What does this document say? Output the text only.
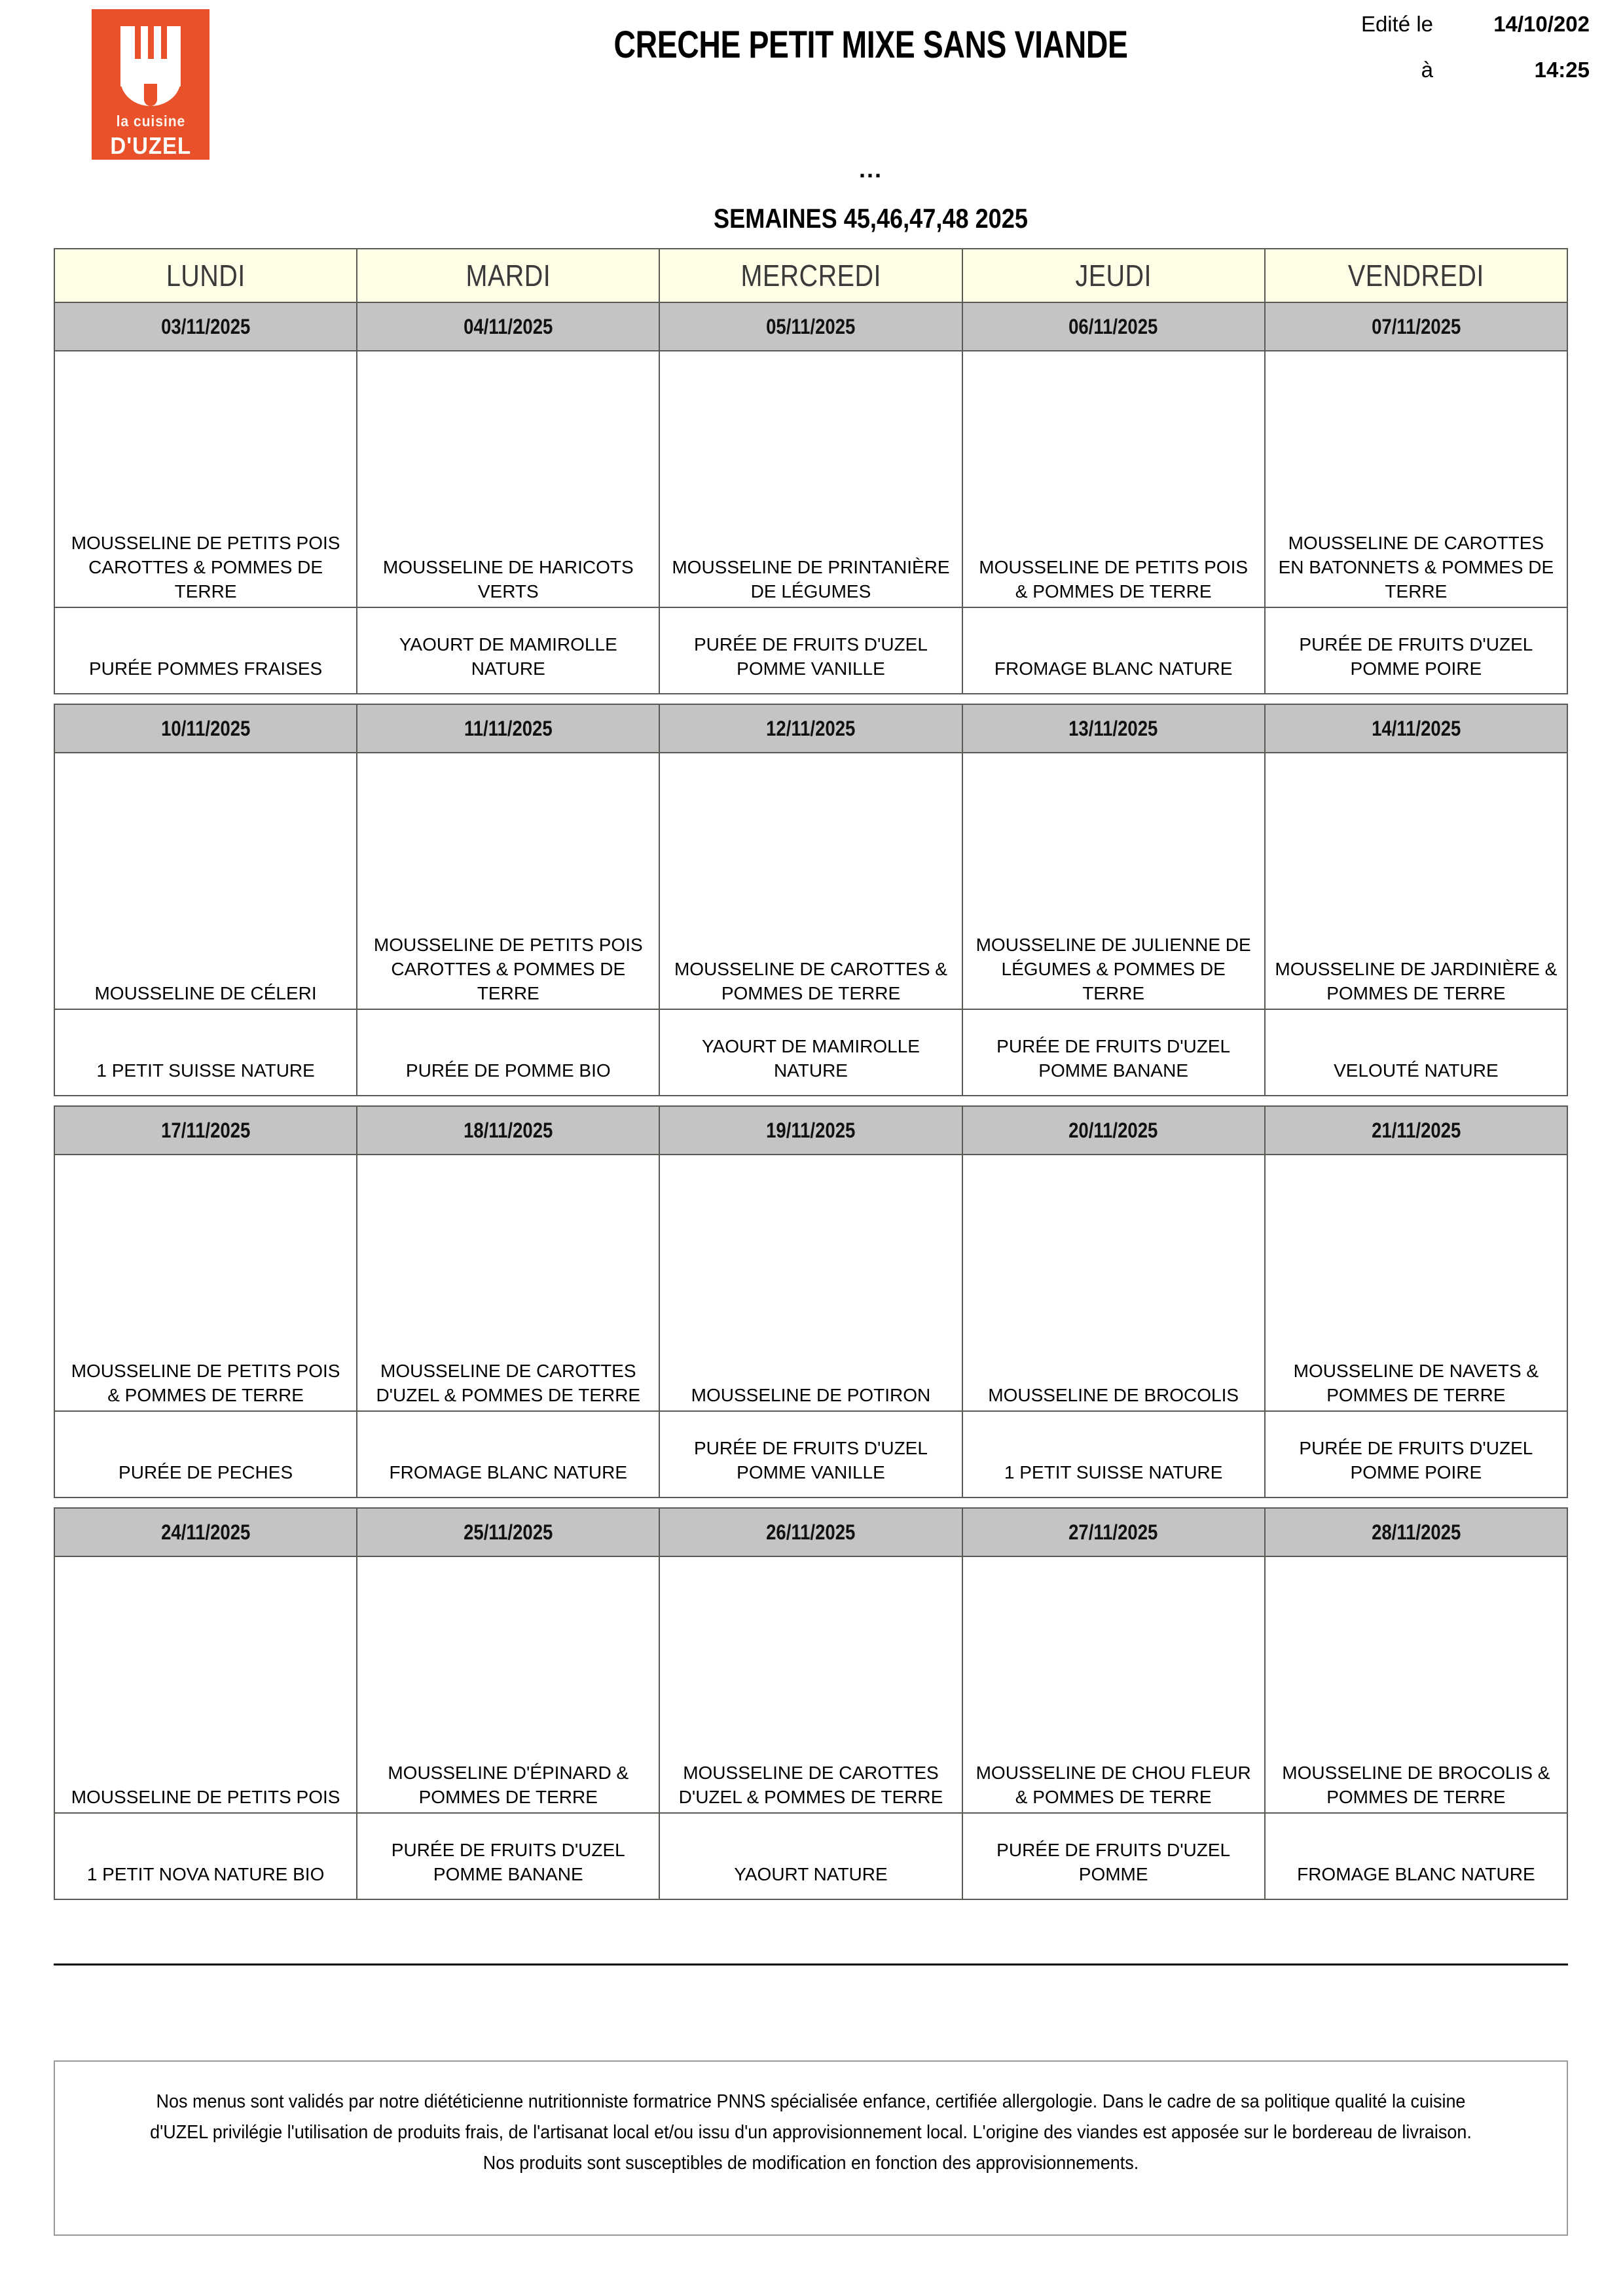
la cuisine
D'UZEL
CRECHE PETIT MIXE SANS VIANDE	Edité le	14/10/202
à	14:25
...
SEMAINES 45,46,47,48 2025
LUNDI	MARDI	MERCREDI	JEUDI	VENDREDI
03/11/2025	04/11/2025	05/11/2025	06/11/2025	07/11/2025

MOUSSELINE DE PETITS POIS CAROTTES & POMMES DE TERRE	MOUSSELINE DE HARICOTS VERTS	MOUSSELINE DE PRINTANIÈRE DE LÉGUMES	MOUSSELINE DE PETITS POIS & POMMES DE TERRE	MOUSSELINE DE CAROTTES EN BATONNETS & POMMES DE TERRE

PURÉE POMMES FRAISES	YAOURT DE MAMIROLLE NATURE	PURÉE DE FRUITS D'UZEL POMME VANILLE	FROMAGE BLANC NATURE	PURÉE DE FRUITS D'UZEL POMME POIRE

10/11/2025	11/11/2025	12/11/2025	13/11/2025	14/11/2025

MOUSSELINE DE CÉLERI	MOUSSELINE DE PETITS POIS CAROTTES & POMMES DE TERRE	MOUSSELINE DE CAROTTES & POMMES DE TERRE	MOUSSELINE DE JULIENNE DE LÉGUMES & POMMES DE TERRE	MOUSSELINE DE JARDINIÈRE & POMMES DE TERRE

1 PETIT SUISSE NATURE	PURÉE DE POMME BIO	YAOURT DE MAMIROLLE NATURE	PURÉE DE FRUITS D'UZEL POMME BANANE	VELOUTÉ NATURE

17/11/2025	18/11/2025	19/11/2025	20/11/2025	21/11/2025

MOUSSELINE DE PETITS POIS & POMMES DE TERRE	MOUSSELINE DE CAROTTES D'UZEL & POMMES DE TERRE	MOUSSELINE DE POTIRON	MOUSSELINE DE BROCOLIS	MOUSSELINE DE NAVETS & POMMES DE TERRE

PURÉE DE PECHES	FROMAGE BLANC NATURE	PURÉE DE FRUITS D'UZEL POMME VANILLE	1 PETIT SUISSE NATURE	PURÉE DE FRUITS D'UZEL POMME POIRE

24/11/2025	25/11/2025	26/11/2025	27/11/2025	28/11/2025

MOUSSELINE DE PETITS POIS	MOUSSELINE D'ÉPINARD & POMMES DE TERRE	MOUSSELINE DE CAROTTES D'UZEL & POMMES DE TERRE	MOUSSELINE DE CHOU FLEUR & POMMES DE TERRE	MOUSSELINE DE BROCOLIS & POMMES DE TERRE

1 PETIT NOVA NATURE BIO	PURÉE DE FRUITS D'UZEL POMME BANANE	YAOURT NATURE	PURÉE DE FRUITS D'UZEL POMME	FROMAGE BLANC NATURE
Nos menus sont validés par notre diététicienne nutritionniste formatrice PNNS spécialisée enfance, certifiée allergologie. Dans le cadre de sa politique qualité la cuisine d'UZEL privilégie l'utilisation de produits frais, de l'artisanat local et/ou issu d'un approvisionnement local. L'origine des viandes est apposée sur le bordereau de livraison. Nos produits sont susceptibles de modification en fonction des approvisionnements.
